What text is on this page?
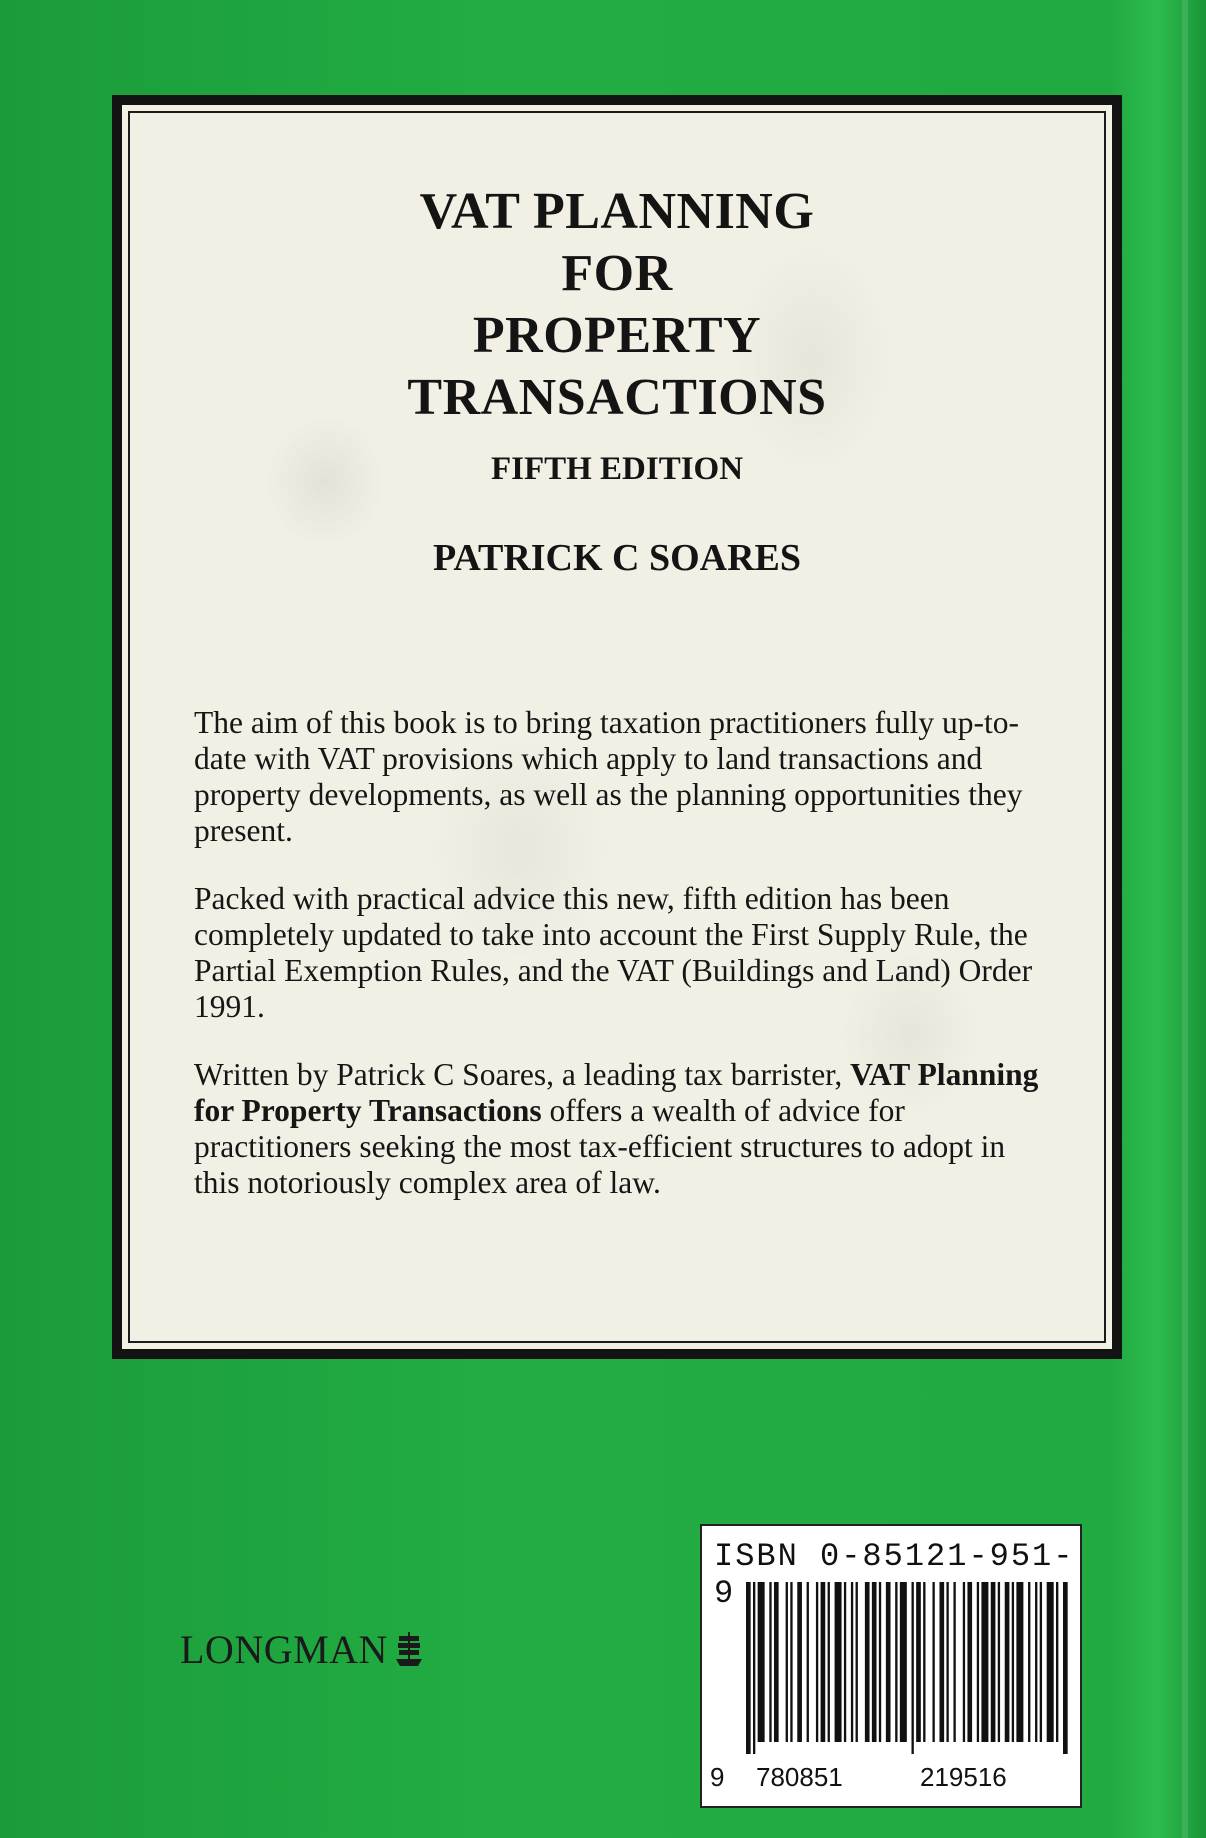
VAT PLANNING
FOR
PROPERTY
TRANSACTIONS
FIFTH EDITION
PATRICK C SOARES
The aim of this book is to bring taxation practitioners fully up-to-date with VAT provisions which apply to land transactions and property developments, as well as the planning opportunities they present.
Packed with practical advice this new, fifth edition has been completely updated to take into account the First Supply Rule, the Partial Exemption Rules, and the VAT (Buildings and Land) Order 1991.
Written by Patrick C Soares, a leading tax barrister, VAT Planning for Property Transactions offers a wealth of advice for practitioners seeking the most tax-efficient structures to adopt in this notoriously complex area of law.
LONGMAN
ISBN 0-85121-951-9
9 780851	219516
